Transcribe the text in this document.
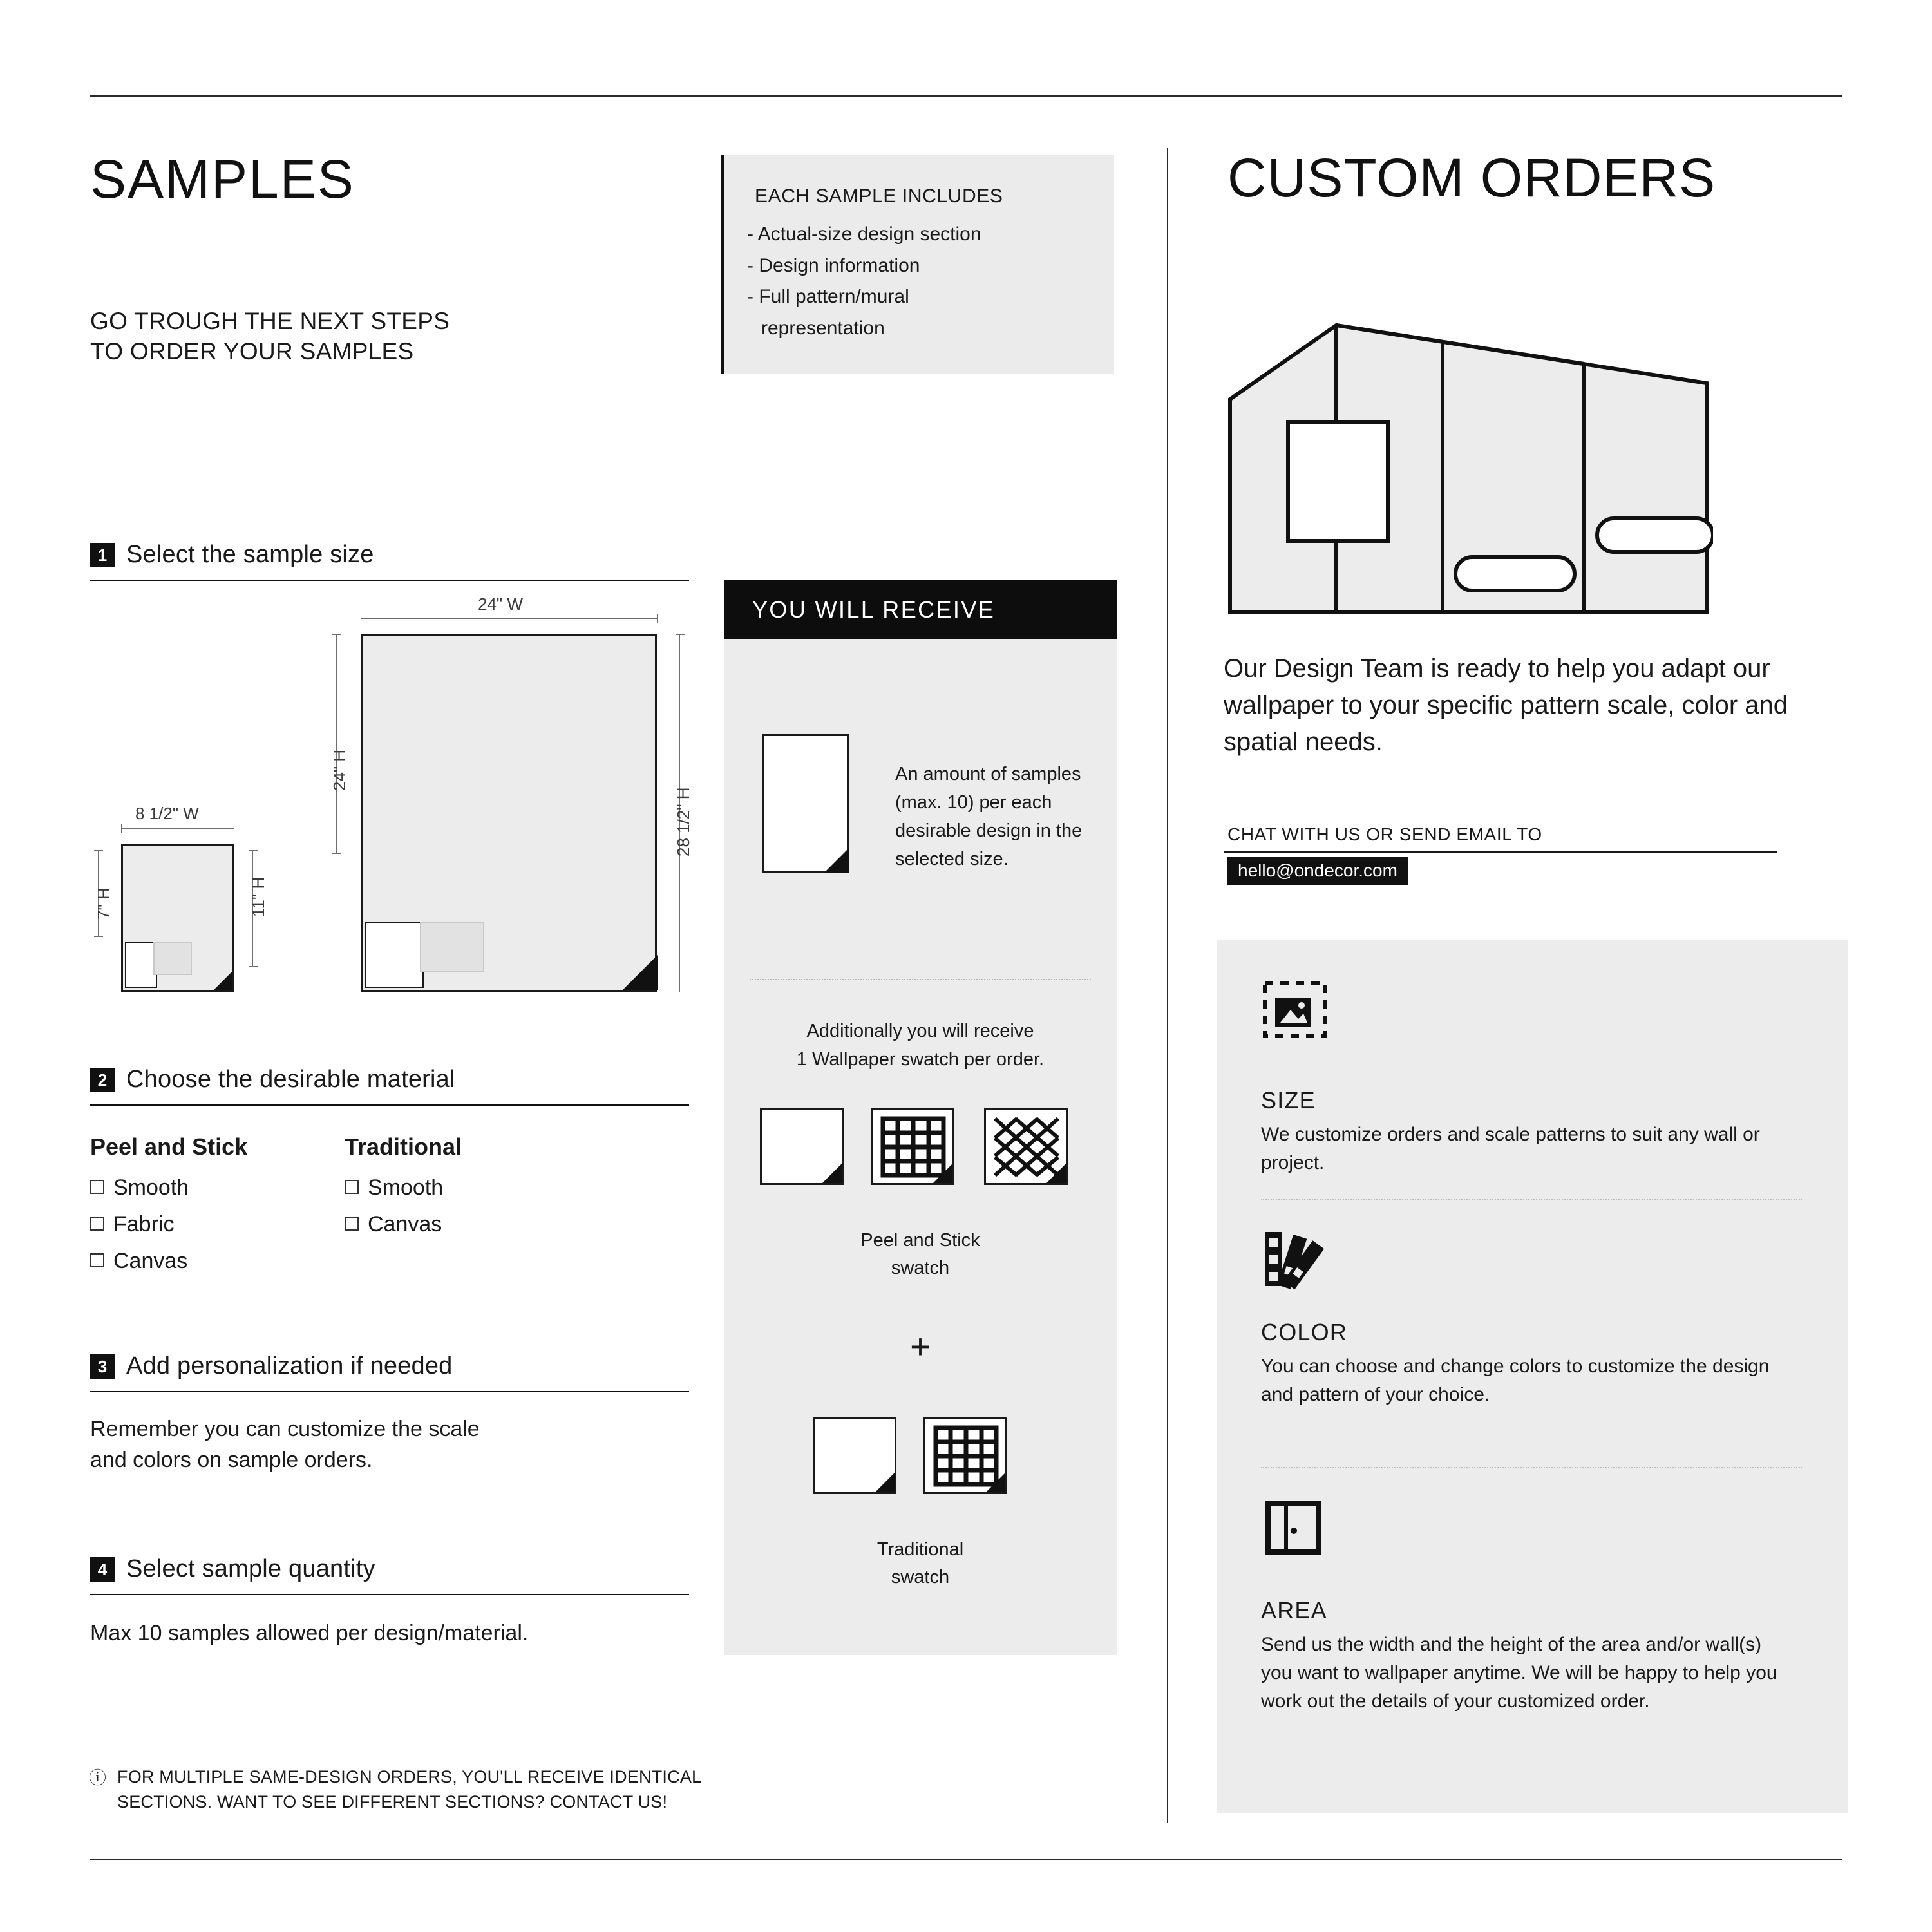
SAMPLES
GO TROUGH THE NEXT STEPS
TO ORDER YOUR SAMPLES
EACH SAMPLE INCLUDES
- Actual-size design section
- Design information
- Full pattern/mural
representation
1 Select the sample size
24" W
24" H
28 1/2" H
8 1/2" W
7" H	11" H
2 Choose the desirable material
Peel and Stick
Smooth
Fabric
Canvas
Traditional
Smooth
Canvas
3 Add personalization if needed
Remember you can customize the scale
and colors on sample orders.
4 Select sample quantity
Max 10 samples allowed per design/material.
ⓘ FOR MULTIPLE SAME-DESIGN ORDERS, YOU'LL RECEIVE IDENTICAL
SECTIONS. WANT TO SEE DIFFERENT SECTIONS? CONTACT US!
YOU WILL RECEIVE
An amount of samples (max. 10) per each desirable design in the selected size.
Additionally you will receive
1 Wallpaper swatch per order.
Peel and Stick
swatch
+
Traditional
swatch
CUSTOM ORDERS
Our Design Team is ready to help you adapt our wallpaper to your specific pattern scale, color and spatial needs.
CHAT WITH US OR SEND EMAIL TO
hello@ondecor.com
SIZE
We customize orders and scale patterns to suit any wall or project.
COLOR
You can choose and change colors to customize the design and pattern of your choice.
AREA
Send us the width and the height of the area and/or wall(s) you want to wallpaper anytime. We will be happy to help you work out the details of your customized order.
